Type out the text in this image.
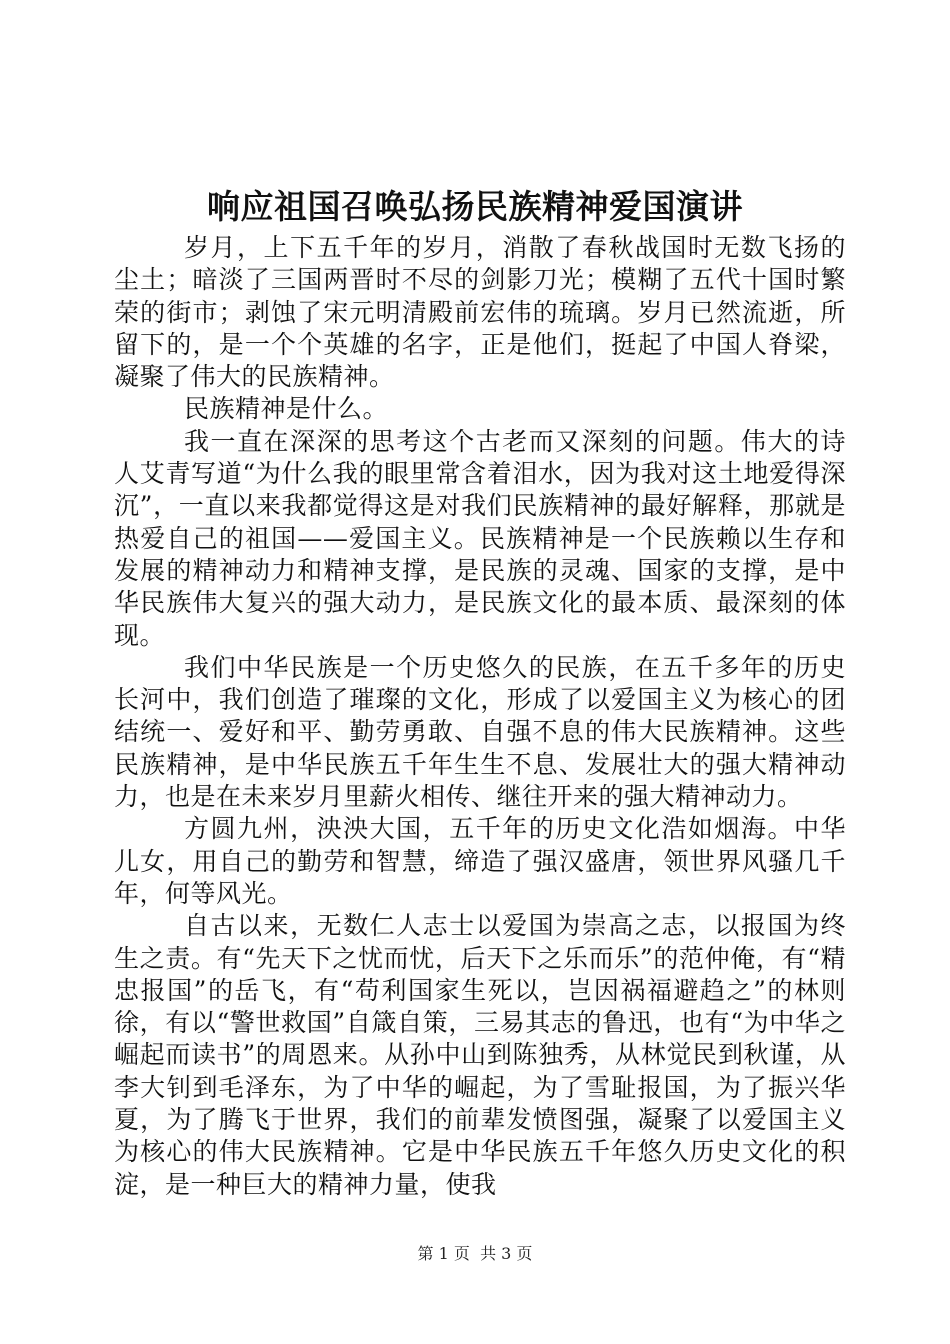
响应祖国召唤弘扬民族精神爱国演讲

岁月，上下五千年的岁月，消散了春秋战国时无数飞扬的尘土；暗淡了三国两晋时不尽的剑影刀光；模糊了五代十国时繁荣的街市；剥蚀了宋元明清殿前宏伟的琉璃。岁月已然流逝，所留下的，是一个个英雄的名字，正是他们，挺起了中国人脊梁，凝聚了伟大的民族精神。

民族精神是什么。

我一直在深深的思考这个古老而又深刻的问题。伟大的诗人艾青写道“为什么我的眼里常含着泪水，因为我对这土地爱得深沉”，一直以来我都觉得这是对我们民族精神的最好解释，那就是热爱自己的祖国——爱国主义。民族精神是一个民族赖以生存和发展的精神动力和精神支撑，是民族的灵魂、国家的支撑，是中华民族伟大复兴的强大动力，是民族文化的最本质、最深刻的体现。

我们中华民族是一个历史悠久的民族，在五千多年的历史长河中，我们创造了璀璨的文化，形成了以爱国主义为核心的团结统一、爱好和平、勤劳勇敢、自强不息的伟大民族精神。这些民族精神，是中华民族五千年生生不息、发展壮大的强大精神动力，也是在未来岁月里薪火相传、继往开来的强大精神动力。

方圆九州，泱泱大国，五千年的历史文化浩如烟海。中华儿女，用自己的勤劳和智慧，缔造了强汉盛唐，领世界风骚几千年，何等风光。

自古以来，无数仁人志士以爱国为崇高之志，以报国为终生之责。有“先天下之忧而忧，后天下之乐而乐”的范仲俺，有“精忠报国”的岳飞，有“苟利国家生死以，岂因祸福避趋之”的林则徐，有以“警世救国”自箴自策，三易其志的鲁迅，也有“为中华之崛起而读书”的周恩来。从孙中山到陈独秀，从林觉民到秋谨，从李大钊到毛泽东，为了中华的崛起，为了雪耻报国，为了振兴华夏，为了腾飞于世界，我们的前辈发愤图强，凝聚了以爱国主义为核心的伟大民族精神。它是中华民族五千年悠久历史文化的积淀，是一种巨大的精神力量，使我

第 1 页 共 3 页
